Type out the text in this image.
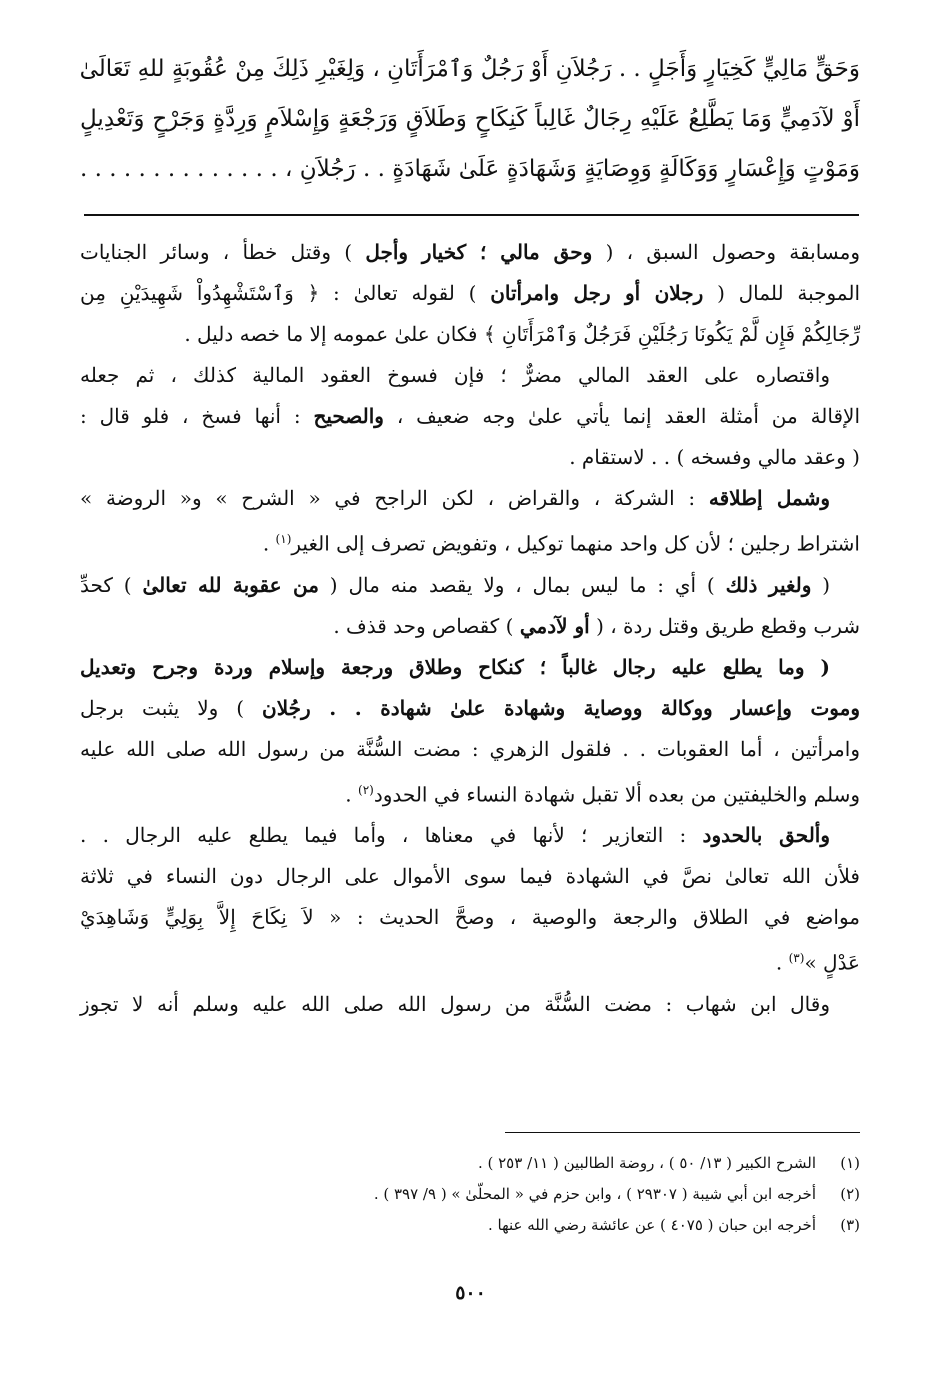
وَحَقٍّ مَالِيٍّ كَخِيَارٍ وَأَجَلٍ . . رَجُلاَنِ أَوْ رَجُلٌ وَٱمْرَأَتَانِ ، وَلِغَيْرِ ذَلِكَ مِنْ عُقُوبَةٍ للهِ تَعَالَىٰ

أَوْ لآدَمِيٍّ وَمَا يَطَّلِعُ عَلَيْهِ رِجَالٌ غَالِباً كَنِكَاحٍ وَطَلاَقٍ وَرَجْعَةٍ وَإِسْلاَمٍ وَرِدَّةٍ وَجَرْحٍ وَتَعْدِيلٍ

وَمَوْتٍ وَإِعْسَارٍ وَوَكَالَةٍ وَوِصَايَةٍ وَشَهَادَةٍ عَلَىٰ شَهَادَةٍ . . رَجُلاَنِ ، . . . . . . . . . . . . . .

ومسابقة وحصول السبق ، ( وحق مالي ؛ كخيار وأجل ) وقتل خطأ ، وسائر الجنايات
الموجبة للمال ( رجلان أو رجل وامرأتان ) لقوله تعالىٰ : ﴿ وَٱسْتَشْهِدُواْ شَهِيدَيْنِ مِن
رِّجَالِكُمْ فَإِن لَّمْ يَكُونَا رَجُلَيْنِ فَرَجُلٌ وَٱمْرَأَتَانِ ﴾ فكان علىٰ عمومه إلا ما خصه دليل .
واقتصاره على العقد المالي مضرٌّ ؛ فإن فسوخ العقود المالية كذلك ، ثم جعله
الإقالة من أمثلة العقد إنما يأتي علىٰ وجه ضعيف ، والصحيح : أنها فسخ ، فلو قال :
( وعقد مالي وفسخه ) . . لاستقام .
وشمل إطلاقه : الشركة ، والقراض ، لكن الراجح في « الشرح » و« الروضة »
اشتراط رجلين ؛ لأن كل واحد منهما توكيل ، وتفويض تصرف إلى الغير$^{(١)}$ .
( ولغير ذلك ) أي : ما ليس بمال ، ولا يقصد منه مال ( من عقوبة لله تعالىٰ ) كحدِّ
شرب وقطع طريق وقتل ردة ، ( أو لآدمي ) كقصاص وحد قذف .
( وما يطلع عليه رجال غالباً ؛ كنكاح وطلاق ورجعة وإسلام وردة وجرح وتعديل
وموت وإعسار ووكالة ووصاية وشهادة علىٰ شهادة . . رجُلان ) ولا يثبت برجل
وامرأتين ، أما العقوبات . . فلقول الزهري : مضت السُّنَّة من رسول الله صلى الله عليه
وسلم والخليفتين من بعده ألا تقبل شهادة النساء في الحدود$^{(٢)}$ .
وألحق بالحدود : التعازير ؛ لأنها في معناها ، وأما فيما يطلع عليه الرجال . .
فلأن الله تعالىٰ نصَّ في الشهادة فيما سوى الأموال على الرجال دون النساء في ثلاثة
مواضع في الطلاق والرجعة والوصية ، وصحَّ الحديث : « لاَ نِكَاحَ إِلاَّ بِوَلِيٍّ وَشَاهِدَيْ
عَدْلٍ »$^{(٣)}$ .
وقال ابن شهاب : مضت السُّنَّة من رسول الله صلى الله عليه وسلم أنه لا تجوز
(١)الشرح الكبير ( ١٣/ ٥٠ ) ، روضة الطالبين ( ١١/ ٢٥٣ ) .
(٢)أخرجه ابن أبي شيبة ( ٢٩٣٠٧ ) ، وابن حزم في « المحلّىٰ » ( ٩/ ٣٩٧ ) .
(٣)أخرجه ابن حبان ( ٤٠٧٥ ) عن عائشة رضي الله عنها .
٥٠٠
